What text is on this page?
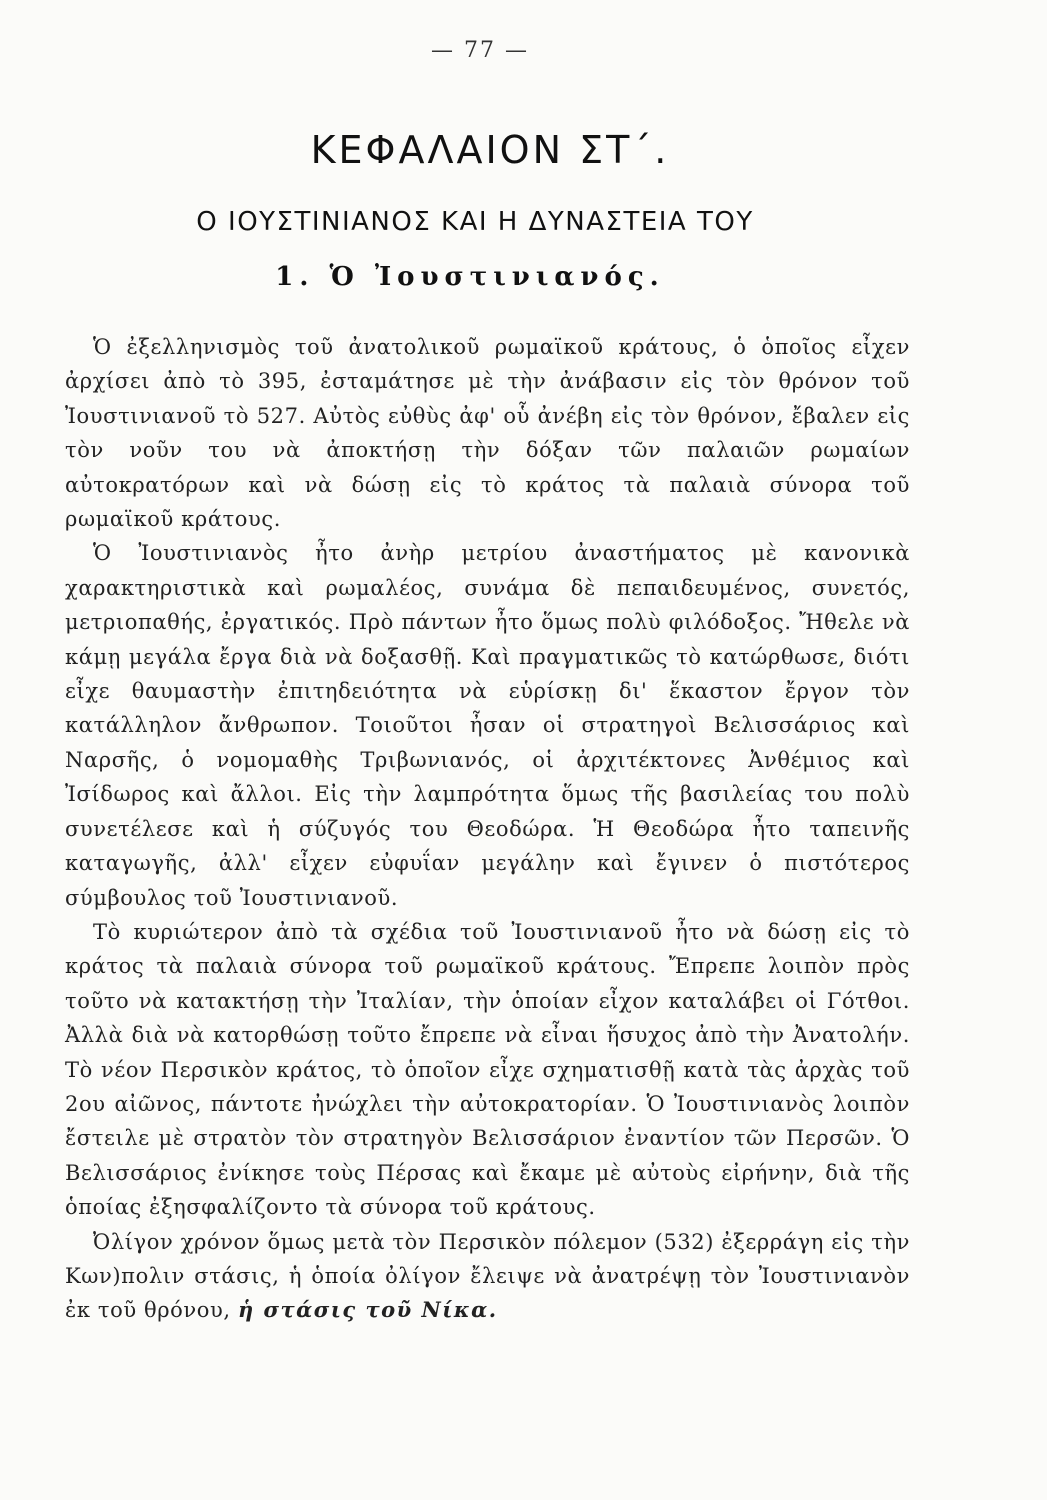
— 77 —
ΚΕΦΑΛΑΙΟΝ ΣΤ΄.
Ο ΙΟΥΣΤΙΝΙΑΝΟΣ ΚΑΙ Η ΔΥΝΑΣΤΕΙΑ ΤΟΥ
1. Ὁ Ἰουστινιανός.

Ὁ ἐξελληνισμὸς τοῦ ἀνατολικοῦ ρωμαϊκοῦ κράτους, ὁ ὁποῖος εἶχεν ἀρχίσει ἀπὸ τὸ 395, ἐσταμάτησε μὲ τὴν ἀνάβασιν εἰς τὸν θρόνον τοῦ Ἰουστινιανοῦ τὸ 527. Αὐτὸς εὐθὺς ἀφ' οὗ ἀνέβη εἰς τὸν θρόνον, ἔβαλεν εἰς τὸν νοῦν του νὰ ἀποκτήσῃ τὴν δόξαν τῶν παλαιῶν ρωμαίων αὐτοκρατόρων καὶ νὰ δώσῃ εἰς τὸ κράτος τὰ παλαιὰ σύνορα τοῦ ρωμαϊκοῦ κράτους.

Ὁ Ἰουστινιανὸς ἦτο ἀνὴρ μετρίου ἀναστήματος μὲ κανονικὰ χαρακτηριστικὰ καὶ ρωμαλέος, συνάμα δὲ πεπαιδευμένος, συνετός, μετριοπαθής, ἐργατικός. Πρὸ πάντων ἦτο ὅμως πολὺ φιλόδοξος. Ἤθελε νὰ κάμῃ μεγάλα ἔργα διὰ νὰ δοξασθῇ. Καὶ πραγματικῶς τὸ κατώρθωσε, διότι εἶχε θαυμαστὴν ἐπιτηδειότητα νὰ εὑρίσκῃ δι' ἕκαστον ἔργον τὸν κατάλληλον ἄνθρωπον. Τοιοῦτοι ἦσαν οἱ στρατηγοὶ Βελισσάριος καὶ Ναρσῆς, ὁ νομομαθὴς Τριβωνιανός, οἱ ἀρχιτέκτονες Ἀνθέμιος καὶ Ἰσίδωρος καὶ ἄλλοι. Εἰς τὴν λαμπρότητα ὅμως τῆς βασιλείας του πολὺ συνετέλεσε καὶ ἡ σύζυγός του Θεοδώρα. Ἡ Θεοδώρα ἦτο ταπεινῆς καταγωγῆς, ἀλλ' εἶχεν εὐφυΐαν μεγάλην καὶ ἔγινεν ὁ πιστότερος σύμβουλος τοῦ Ἰουστινιανοῦ.

Τὸ κυριώτερον ἀπὸ τὰ σχέδια τοῦ Ἰουστινιανοῦ ἦτο νὰ δώσῃ εἰς τὸ κράτος τὰ παλαιὰ σύνορα τοῦ ρωμαϊκοῦ κράτους. Ἔπρεπε λοιπὸν πρὸς τοῦτο νὰ κατακτήσῃ τὴν Ἰταλίαν, τὴν ὁποίαν εἶχον καταλάβει οἱ Γότθοι. Ἀλλὰ διὰ νὰ κατορθώσῃ τοῦτο ἔπρεπε νὰ εἶναι ἥσυχος ἀπὸ τὴν Ἀνατολήν. Τὸ νέον Περσικὸν κράτος, τὸ ὁποῖον εἶχε σχηματισθῇ κατὰ τὰς ἀρχὰς τοῦ 2ου αἰῶνος, πάντοτε ἠνώχλει τὴν αὐτοκρατορίαν. Ὁ Ἰουστινιανὸς λοιπὸν ἔστειλε μὲ στρατὸν τὸν στρατηγὸν Βελισσάριον ἐναντίον τῶν Περσῶν. Ὁ Βελισσάριος ἐνίκησε τοὺς Πέρσας καὶ ἔκαμε μὲ αὐτοὺς εἰρήνην, διὰ τῆς ὁποίας ἐξησφαλίζοντο τὰ σύνορα τοῦ κράτους.

Ὀλίγον χρόνον ὅμως μετὰ τὸν Περσικὸν πόλεμον (532) ἐξερράγη εἰς τὴν Κων)πολιν στάσις, ἡ ὁποία ὀλίγον ἔλειψε νὰ ἀνατρέψῃ τὸν Ἰουστινιανὸν ἐκ τοῦ θρόνου, ἡ στάσις τοῦ Νίκα.
